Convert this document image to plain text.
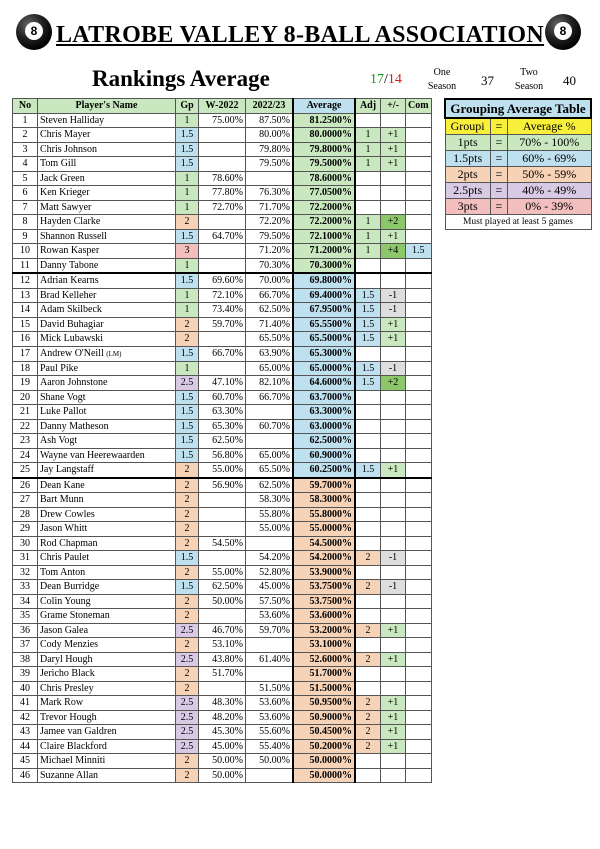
8	8
LATROBE VALLEY 8-BALL ASSOCIATION
Rankings Average	17/14	One
Season	37
Two
Season	40
No	Player's Name	Gp	W-2022	2022/23	Average	Adj	+/-	Com
1	Steven Halliday	1	75.00%	87.50%	81.2500%			
2	Chris Mayer	1.5		80.00%	80.0000%	1	+1	
3	Chris Johnson	1.5		79.80%	79.8000%	1	+1	
4	Tom Gill	1.5		79.50%	79.5000%	1	+1	
5	Jack Green	1	78.60%		78.6000%			
6	Ken Krieger	1	77.80%	76.30%	77.0500%			
7	Matt Sawyer	1	72.70%	71.70%	72.2000%			
8	Hayden Clarke	2		72.20%	72.2000%	1	+2	
9	Shannon Russell	1.5	64.70%	79.50%	72.1000%	1	+1	
10	Rowan Kasper	3		71.20%	71.2000%	1	+4	1.5
11	Danny Tabone	1		70.30%	70.3000%			
12	Adrian Kearns	1.5	69.60%	70.00%	69.8000%			
13	Brad Kelleher	1	72.10%	66.70%	69.4000%	1.5	-1	
14	Adam Skilbeck	1	73.40%	62.50%	67.9500%	1.5	-1	
15	David Buhagiar	2	59.70%	71.40%	65.5500%	1.5	+1	
16	Mick Lubawski	2		65.50%	65.5000%	1.5	+1	
17	Andrew O'Neill (LM)	1.5	66.70%	63.90%	65.3000%			
18	Paul Pike	1		65.00%	65.0000%	1.5	-1	
19	Aaron Johnstone	2.5	47.10%	82.10%	64.6000%	1.5	+2	
20	Shane Vogt	1.5	60.70%	66.70%	63.7000%			
21	Luke Pallot	1.5	63.30%		63.3000%			
22	Danny Matheson	1.5	65.30%	60.70%	63.0000%			
23	Ash Vogt	1.5	62.50%		62.5000%			
24	Wayne van Heerewaarden	1.5	56.80%	65.00%	60.9000%			
25	Jay Langstaff	2	55.00%	65.50%	60.2500%	1.5	+1	
26	Dean Kane	2	56.90%	62.50%	59.7000%			
27	Bart Munn	2		58.30%	58.3000%			
28	Drew Cowles	2		55.80%	55.8000%			
29	Jason Whitt	2		55.00%	55.0000%			
30	Rod Chapman	2	54.50%		54.5000%			
31	Chris Paulet	1.5		54.20%	54.2000%	2	-1	
32	Tom Anton	2	55.00%	52.80%	53.9000%			
33	Dean Burridge	1.5	62.50%	45.00%	53.7500%	2	-1	
34	Colin Young	2	50.00%	57.50%	53.7500%			
35	Grame Stoneman	2		53.60%	53.6000%			
36	Jason Galea	2.5	46.70%	59.70%	53.2000%	2	+1	
37	Cody Menzies	2	53.10%		53.1000%			
38	Daryl Hough	2.5	43.80%	61.40%	52.6000%	2	+1	
39	Jericho Black	2	51.70%		51.7000%			
40	Chris Presley	2		51.50%	51.5000%			
41	Mark Row	2.5	48.30%	53.60%	50.9500%	2	+1	
42	Trevor Hough	2.5	48.20%	53.60%	50.9000%	2	+1	
43	Jamee van Galdren	2.5	45.30%	55.60%	50.4500%	2	+1	
44	Claire Blackford	2.5	45.00%	55.40%	50.2000%	2	+1	
45	Michael Minniti	2	50.00%	50.00%	50.0000%			
46	Suzanne Allan	2	50.00%		50.0000%			
Grouping Average Table		
Groupi	=	Average %
1pts	=	70% - 100%
1.5pts	=	60% - 69%
2pts	=	50% - 59%
2.5pts	=	40% - 49%
3pts	=	0% - 39%
Must played at least 5 games		
